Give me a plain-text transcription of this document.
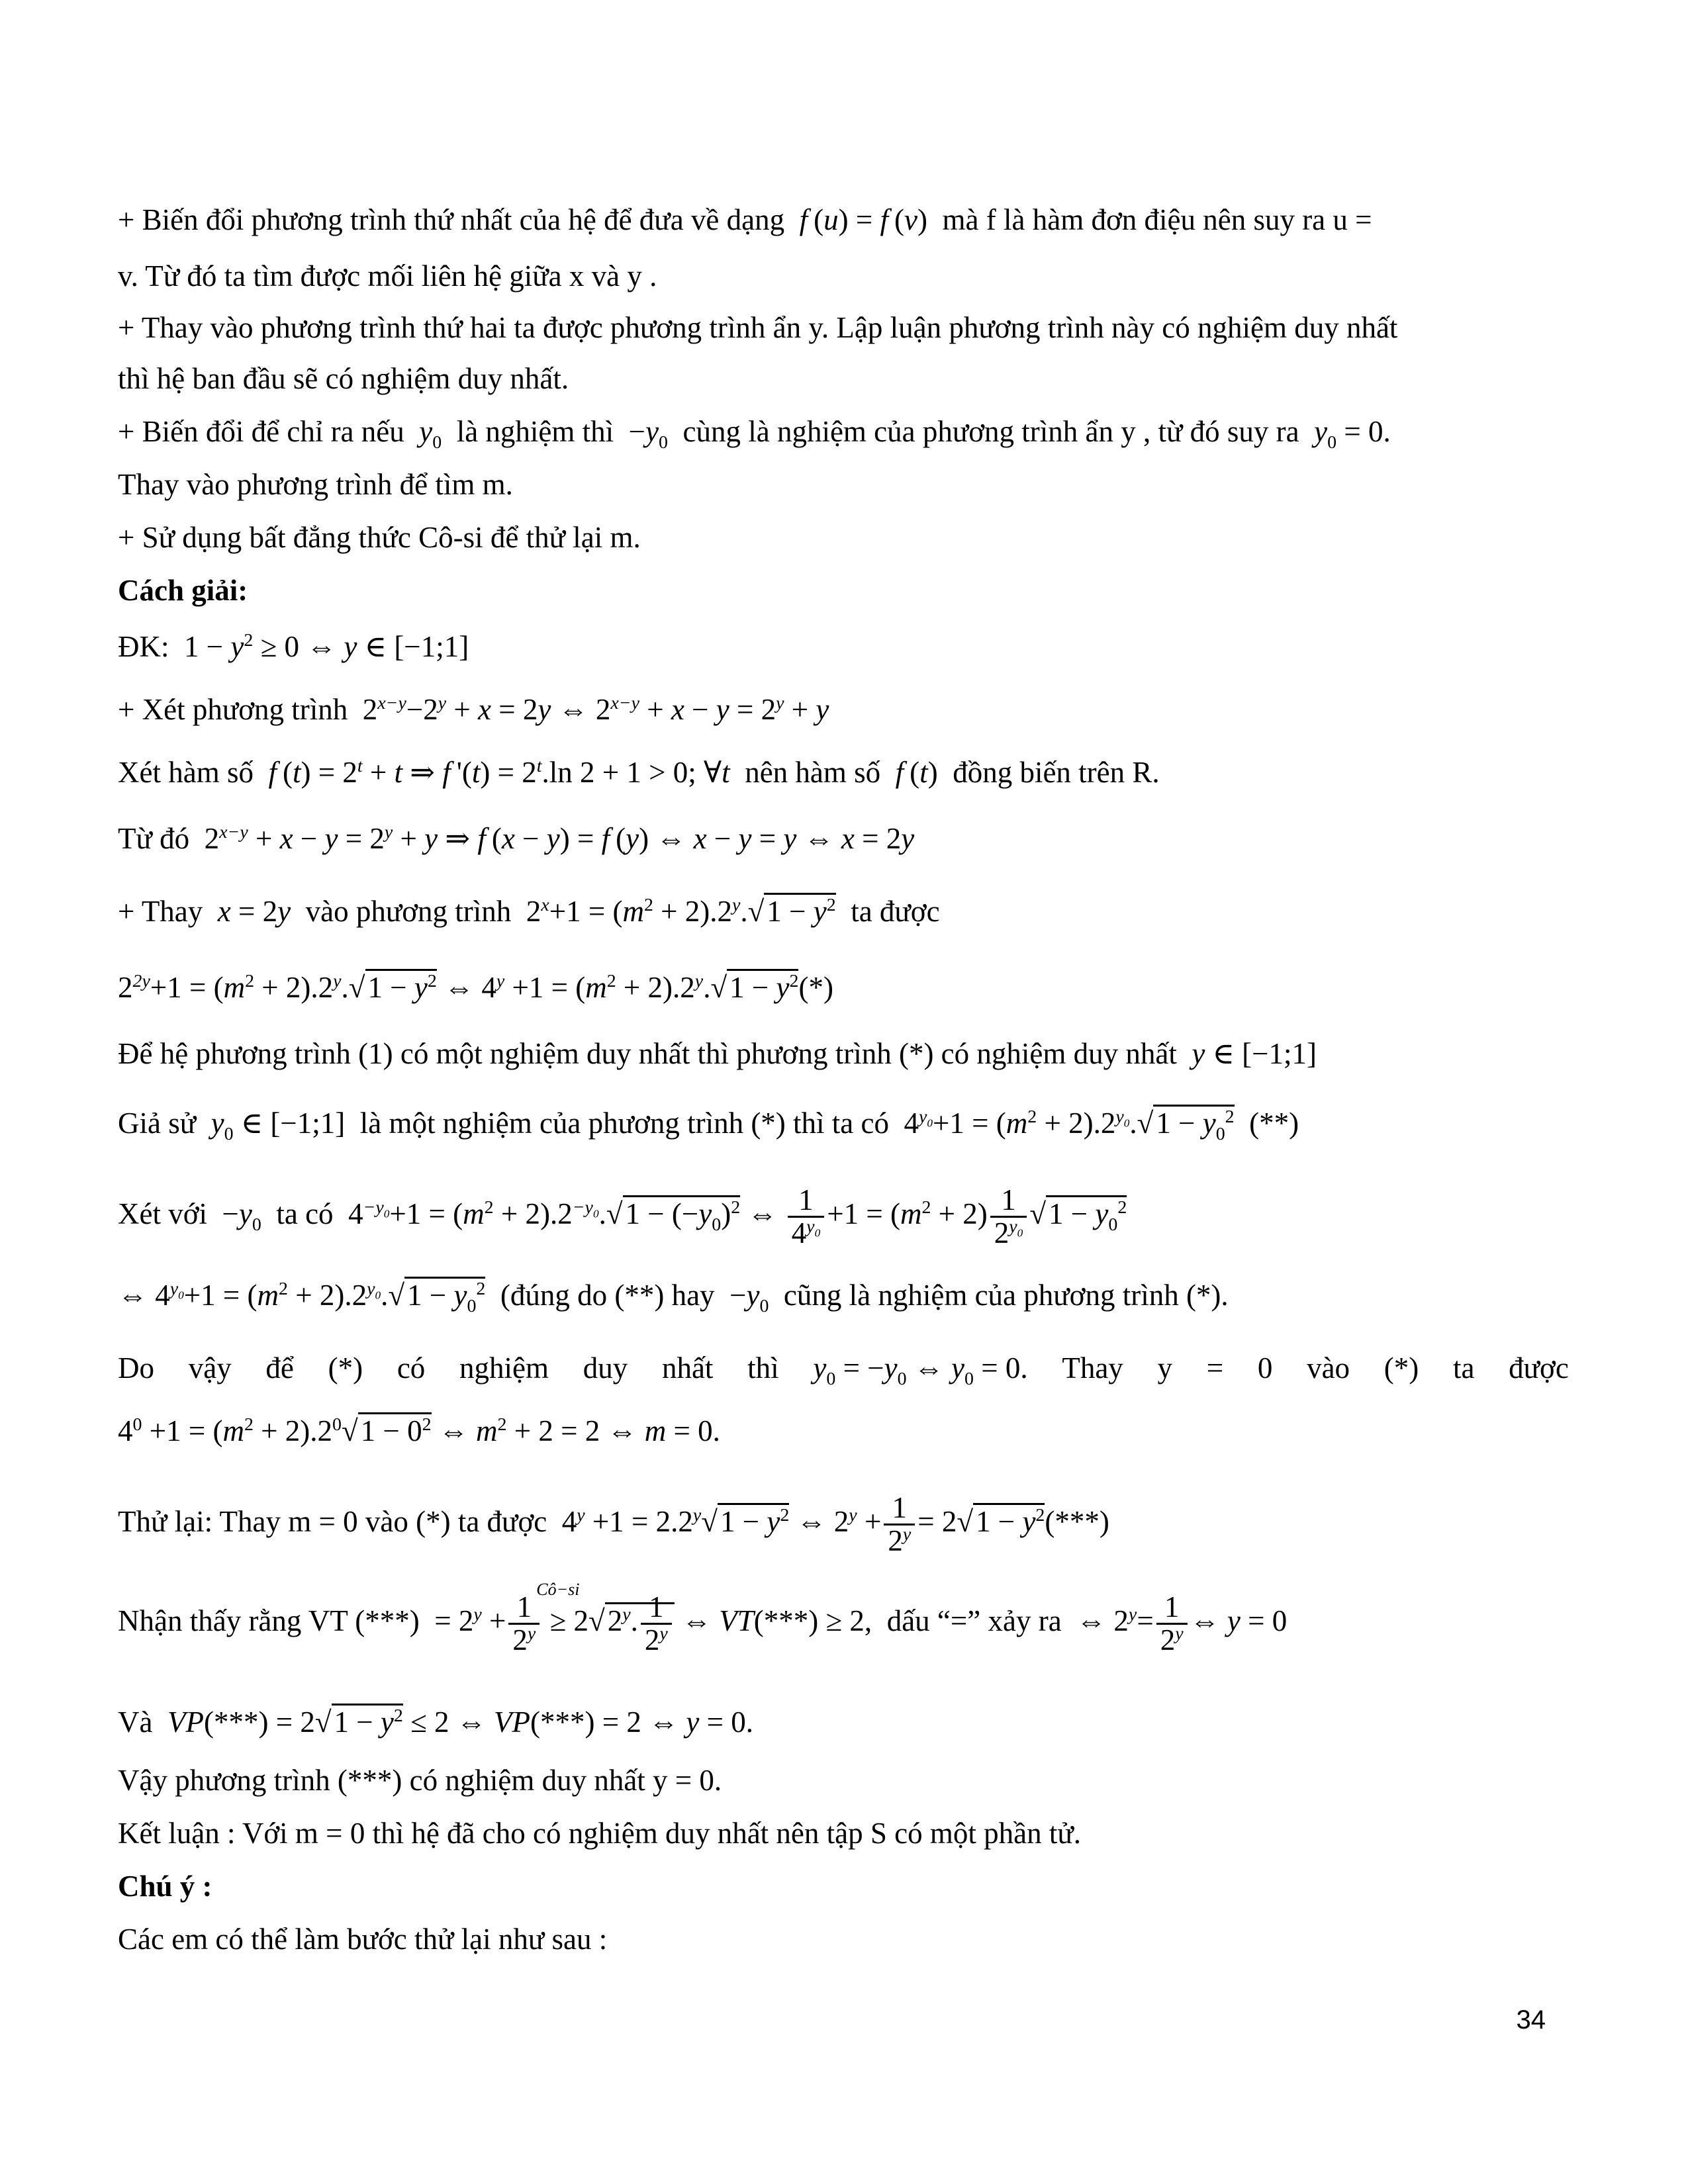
+ Biến đổi phương trình thứ nhất của hệ để đưa về dạng  f (u) = f (v) mà f là hàm đơn điệu nên suy ra u =
v. Từ đó ta tìm được mối liên hệ giữa x và y .
+ Thay vào phương trình thứ hai ta được phương trình ẩn y. Lập luận phương trình này có nghiệm duy nhất
thì hệ ban đầu sẽ có nghiệm duy nhất.
+ Biến đổi để chỉ ra nếu  $y_0$ là nghiệm thì $-y_0$ cùng là nghiệm của phương trình ẩn y , từ đó suy ra  $y_0 = 0$.
Thay vào phương trình để tìm m.
+ Sử dụng bất đẳng thức Cô-si để thử lại m.
Cách giải:
ĐK: $1 - y^2 \ge 0$ ⇔ y ∈ [−1;1]
+ Xét phương trình $2^{x-y}-2^y + x = 2y$ ⇔ $2^{x-y} + x - y = 2^y + y$
Xét hàm số  f $(t) = 2^t + t$ ⇒ f '$(t) = 2^t.\ln$ 2 + 1 > 0; ∀t  nên hàm số  f (t) đồng biến trên R.
Từ đó $2^{x-y} + x - y = 2^y + y$ ⇒ f (x − y) = f (y) ⇔ x − y = y ⇔ x = 2y
+ Thay  x = 2y  vào phương trình $2^x+1 = (m^2 + 2).2^y.√1 - y^2$ ta được
$2^{2y}+1 = (m^2 + 2).2^y.√1 - y^2$ ⇔ $4^y +1 = (m^2 + 2).2^y.√1 - y^2(*)$
Để hệ phương trình (1) có một nghiệm duy nhất thì phương trình (*) có nghiệm duy nhất  y ∈ [−1;1]
Giả sử  $y_0$ ∈ [−1;1] là một nghiệm của phương trình (*) thì ta có $4^{y_0}+1 = (m^2 + 2).2^{y_0}.√1 - y_0^2$  (**)
Xét với $-y_0$ ta có $4^{-y_0}+1 = (m^2 + 2).2^{-y_0}.√1 - (-y_0)^2$ ⇔ $\frac{1}{4^{y_0}} +1 = (m^2 + 2) \frac{1}{2^{y_0}} √1 - y_0^2$
⇔ $4^{y_0}+1 = (m^2 + 2).2^{y_0}.√1 - y_0^2$ (đúng do (**) hay $-y_0$ cũng là nghiệm của phương trình (*).
Do vậy để (*) có nghiệm duy nhất thì $y_0 = -y_0$ ⇔ $y_0 = 0$. Thay y = 0 vào (*) ta được
$4^0 +1 = (m^2 + 2).2^0√1 - 0^2$ ⇔ $m^2 + 2 = 2$ ⇔ m = 0.
Thử lại: Thay m = 0 vào (*) ta được $4^y +1 = 2.2^y√1 - y^2$ ⇔ $2^y + \frac{1}{2^y} = 2√1 - y^2(***)$
Nhận thấy rằng VT (***) = $2^y + \frac{1}{2^y}$

Cô−si
≥ $2√2^y$. $\frac{1}{2^y}$ ⇔ VT(***) ≥ 2, dấu “=” xảy ra ⇔ $2^y= \frac{1}{2^y}$ ⇔ y = 0
Và  $VP(***) = 2√1 - y^2 \le 2$ ⇔ VP(***) = 2 ⇔ y = 0.
Vậy phương trình (***) có nghiệm duy nhất y = 0.
Kết luận : Với m = 0 thì hệ đã cho có nghiệm duy nhất nên tập S có một phần tử.
Chú ý :
Các em có thể làm bước thử lại như sau :
34
